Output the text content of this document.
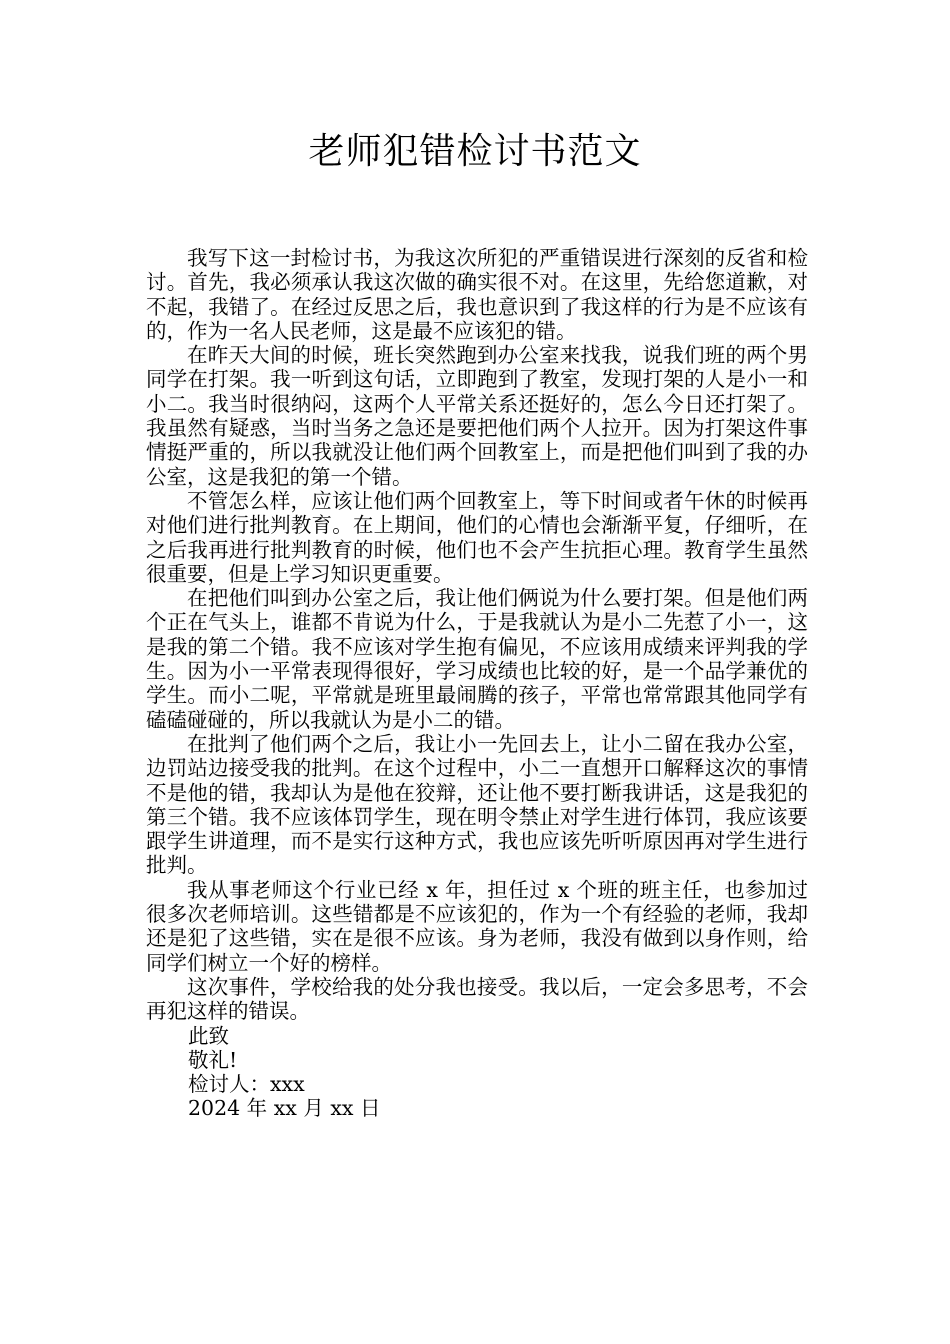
老师犯错检讨书范文

我写下这一封检讨书，为我这次所犯的严重错误进行深刻的反省和检讨。首先，我必须承认我这次做的确实很不对。在这里，先给您道歉，对不起，我错了。在经过反思之后，我也意识到了我这样的行为是不应该有的，作为一名人民老师，这是最不应该犯的错。

在昨天大间的时候，班长突然跑到办公室来找我，说我们班的两个男同学在打架。我一听到这句话，立即跑到了教室，发现打架的人是小一和小二。我当时很纳闷，这两个人平常关系还挺好的，怎么今日还打架了。我虽然有疑惑，当时当务之急还是要把他们两个人拉开。因为打架这件事情挺严重的，所以我就没让他们两个回教室上，而是把他们叫到了我的办公室，这是我犯的第一个错。

不管怎么样，应该让他们两个回教室上，等下时间或者午休的时候再对他们进行批判教育。在上期间，他们的心情也会渐渐平复，仔细听，在之后我再进行批判教育的时候，他们也不会产生抗拒心理。教育学生虽然很重要，但是上学习知识更重要。

在把他们叫到办公室之后，我让他们俩说为什么要打架。但是他们两个正在气头上，谁都不肯说为什么，于是我就认为是小二先惹了小一，这是我的第二个错。我不应该对学生抱有偏见，不应该用成绩来评判我的学生。因为小一平常表现得很好，学习成绩也比较的好，是一个品学兼优的学生。而小二呢，平常就是班里最闹腾的孩子，平常也常常跟其他同学有磕磕碰碰的，所以我就认为是小二的错。

在批判了他们两个之后，我让小一先回去上，让小二留在我办公室，边罚站边接受我的批判。在这个过程中，小二一直想开口解释这次的事情不是他的错，我却认为是他在狡辩，还让他不要打断我讲话，这是我犯的第三个错。我不应该体罚学生，现在明令禁止对学生进行体罚，我应该要跟学生讲道理，而不是实行这种方式，我也应该先听听原因再对学生进行批判。

我从事老师这个行业已经 x 年，担任过 x 个班的班主任，也参加过很多次老师培训。这些错都是不应该犯的，作为一个有经验的老师，我却还是犯了这些错，实在是很不应该。身为老师，我没有做到以身作则，给同学们树立一个好的榜样。

这次事件，学校给我的处分我也接受。我以后，一定会多思考，不会再犯这样的错误。

此致

敬礼!

检讨人：xxx

2024 年 xx 月 xx 日
